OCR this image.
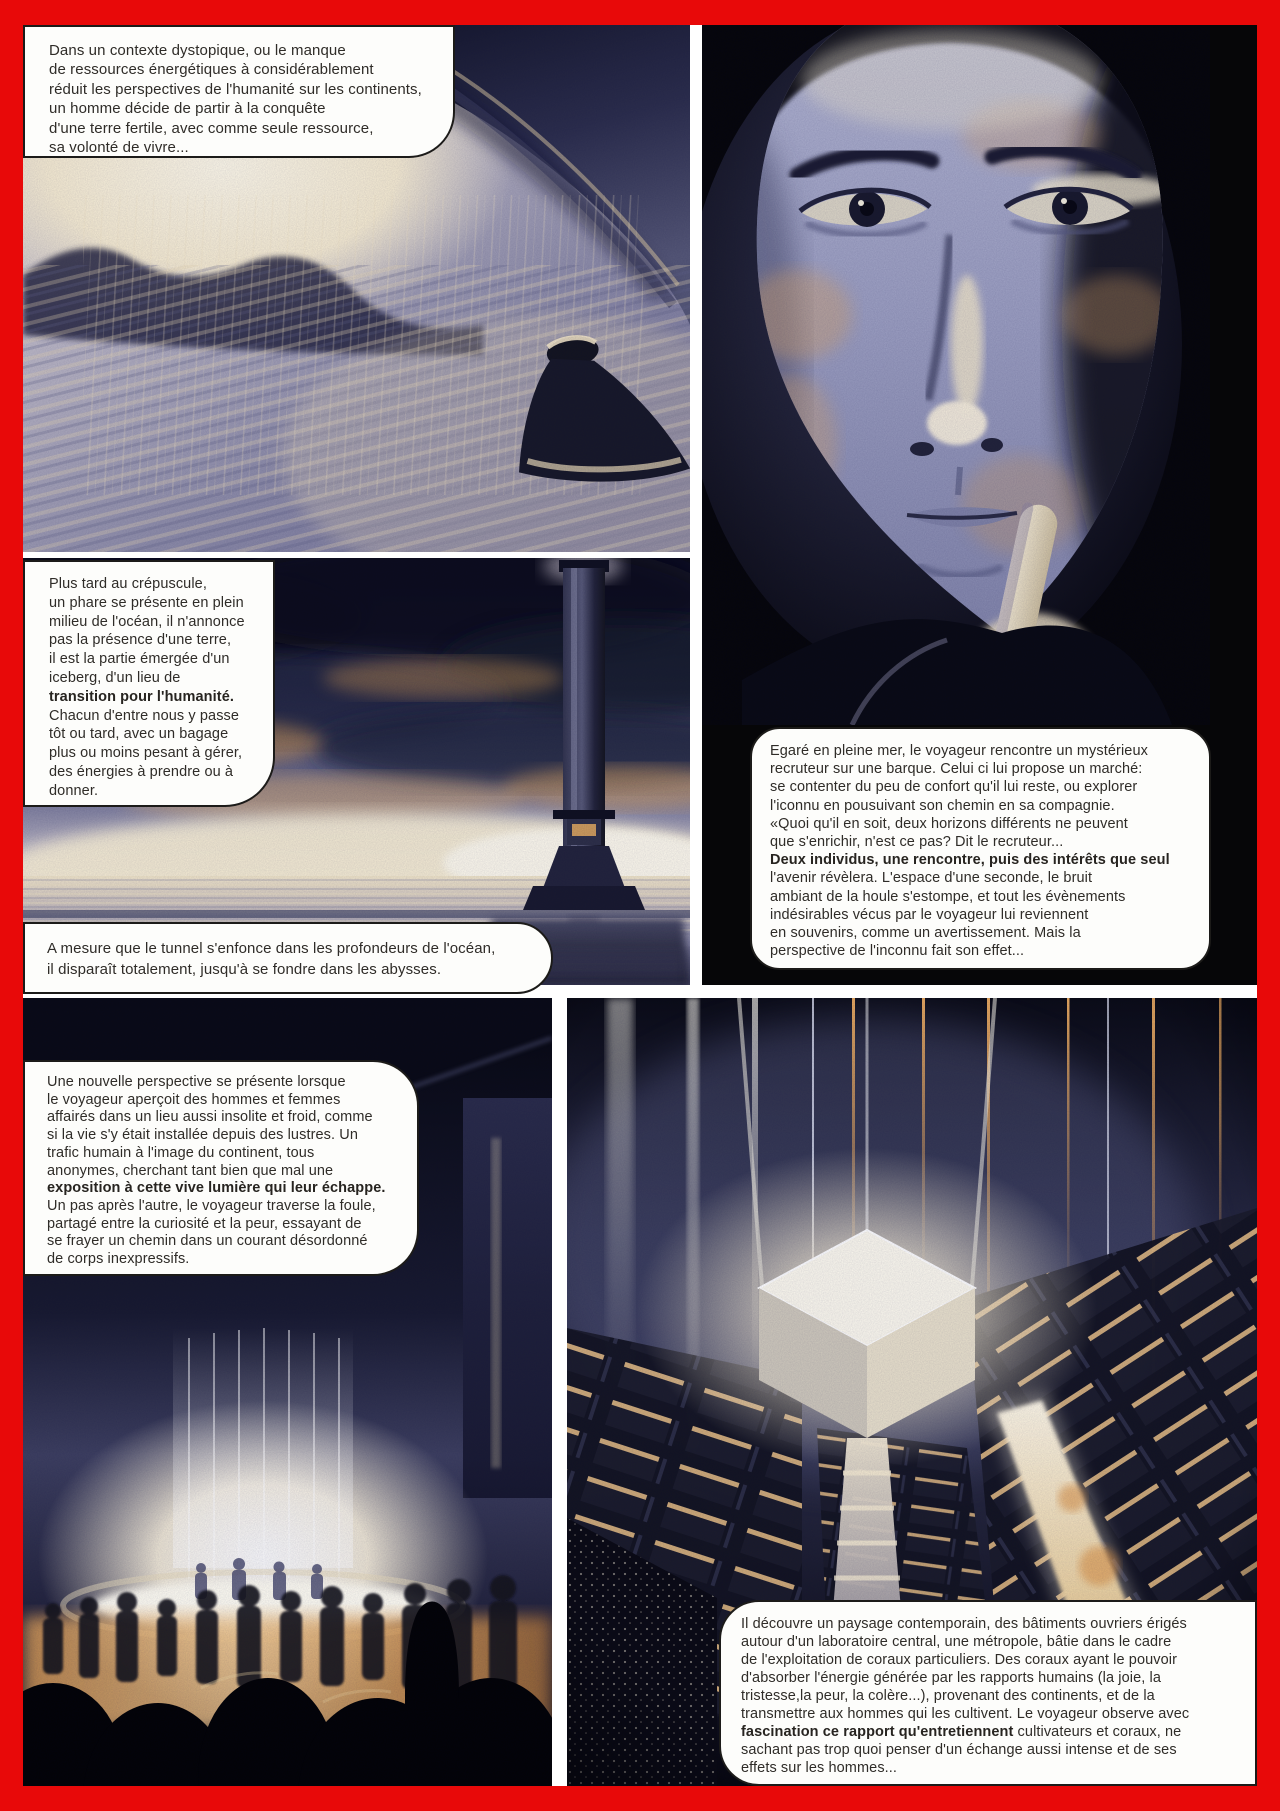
Dans un contexte dystopique, ou le manque
de ressources énergétiques à considérablement
réduit les perspectives de l'humanité sur les continents,
un homme décide de partir à la conquête
d'une terre fertile, avec comme seule ressource,
sa volonté de vivre...
Plus tard au crépuscule,
un phare se présente en plein
milieu de l'océan, il n'annonce
pas la présence d'une terre,
il est la partie émergée d'un
iceberg, d'un lieu de
transition pour l'humanité.
Chacun d'entre nous y passe
tôt ou tard, avec un bagage
plus ou moins pesant à gérer,
des énergies à prendre ou à
donner.
A mesure que le tunnel s'enfonce dans les profondeurs de l'océan,
il disparaît totalement, jusqu'à se fondre dans les abysses.
Egaré en pleine mer, le voyageur rencontre un mystérieux
recruteur sur une barque. Celui ci lui propose un marché:
se contenter du peu de confort qu'il lui reste, ou explorer
l'iconnu en pousuivant son chemin en sa compagnie.
«Quoi qu'il en soit, deux horizons différents ne peuvent
que s'enrichir, n'est ce pas? Dit le recruteur...
Deux individus, une rencontre, puis des intérêts que seul
l'avenir révèlera. L'espace d'une seconde, le bruit
ambiant de la houle s'estompe, et tout les évènements
indésirables vécus par le voyageur lui reviennent
en souvenirs, comme un avertissement. Mais la
perspective de l'inconnu fait son effet...
Une nouvelle perspective se présente lorsque
le voyageur aperçoit des hommes et femmes
affairés dans un lieu aussi insolite et froid, comme
si la vie s'y était installée depuis des lustres. Un
trafic humain à l'image du continent, tous
anonymes, cherchant tant bien que mal une
exposition à cette vive lumière qui leur échappe.
Un pas après l'autre, le voyageur traverse la foule,
partagé entre la curiosité et la peur, essayant de
se frayer un chemin dans un courant désordonné
de corps inexpressifs.
Il découvre un paysage contemporain, des bâtiments ouvriers érigés
autour d'un laboratoire central, une métropole, bâtie dans le cadre
de l'exploitation de coraux particuliers. Des coraux ayant le pouvoir
d'absorber l'énergie générée par les rapports humains (la joie, la
tristesse,la peur, la colère...), provenant des continents, et de la
transmettre aux hommes qui les cultivent. Le voyageur observe avec
fascination ce rapport qu'entretiennent cultivateurs et coraux, ne
sachant pas trop quoi penser d'un échange aussi intense et de ses
effets sur les hommes...
